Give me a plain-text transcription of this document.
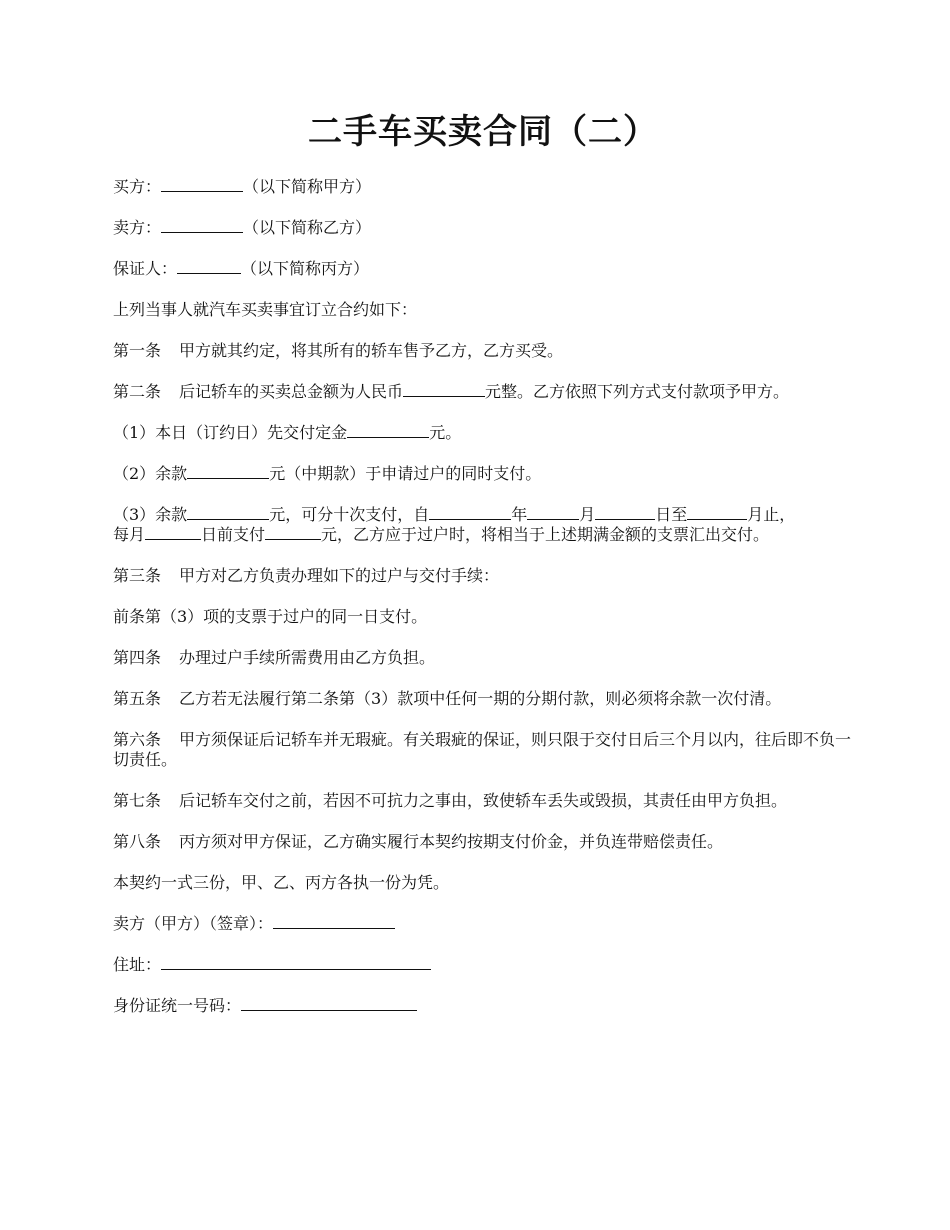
二手车买卖合同（二）
买方：	（以下简称甲方）
卖方：	（以下简称乙方）
保证人：	（以下简称丙方）
上列当事人就汽车买卖事宜订立合约如下：
第一条 甲方就其约定，将其所有的轿车售予乙方，乙方买受。
第二条 后记轿车的买卖总金额为人民币	元整。乙方依照下列方式支付款项予甲方。
（1）本日（订约日）先交付定金	元。
（2）余款	元（中期款）于申请过户的同时支付。
（3）余款	元，可分十次支付，自	年	月	日至	月止，
每月	日前支付	元，乙方应于过户时，将相当于上述期满金额的支票汇出交付。
第三条 甲方对乙方负责办理如下的过户与交付手续：
前条第（3）项的支票于过户的同一日支付。
第四条 办理过户手续所需费用由乙方负担。
第五条 乙方若无法履行第二条第（3）款项中任何一期的分期付款，则必须将余款一次付清。
第六条 甲方须保证后记轿车并无瑕疵。有关瑕疵的保证，则只限于交付日后三个月以内，往后即不负一切责任。
第七条 后记轿车交付之前，若因不可抗力之事由，致使轿车丢失或毁损，其责任由甲方负担。
第八条 丙方须对甲方保证，乙方确实履行本契约按期支付价金，并负连带赔偿责任。
本契约一式三份，甲、乙、丙方各执一份为凭。
卖方（甲方）（签章）：
住址：
身份证统一号码：
